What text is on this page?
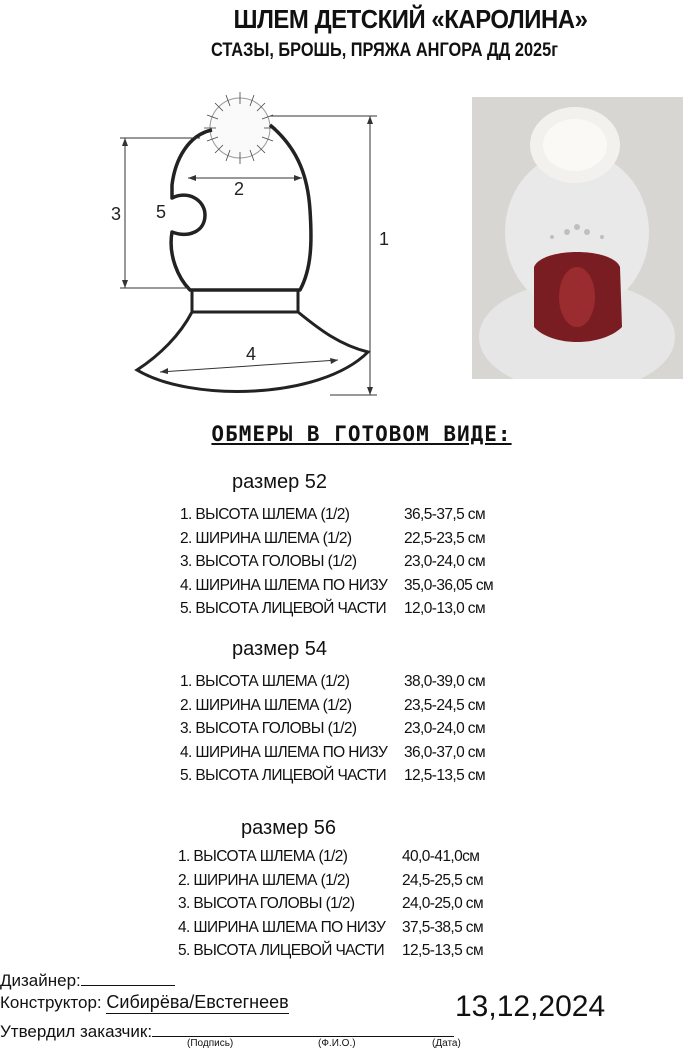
ШЛЕМ ДЕТСКИЙ «КАРОЛИНА»
СТАЗЫ, БРОШЬ, ПРЯЖА АНГОРА ДД 2025г
1
2
3
4
5
ОБМЕРЫ В ГОТОВОМ ВИДЕ:
размер 52
1. ВЫСОТА ШЛЕМА (1/2)	36,5-37,5 см
2. ШИРИНА ШЛЕМА (1/2)	22,5-23,5 см
3. ВЫСОТА ГОЛОВЫ (1/2)	23,0-24,0 см
4. ШИРИНА ШЛЕМА ПО НИЗУ	35,0-36,05 см
5. ВЫСОТА ЛИЦЕВОЙ ЧАСТИ	12,0-13,0 см
размер 54
1. ВЫСОТА ШЛЕМА (1/2)	38,0-39,0 см
2. ШИРИНА ШЛЕМА (1/2)	23,5-24,5 см
3. ВЫСОТА ГОЛОВЫ (1/2)	23,0-24,0 см
4. ШИРИНА ШЛЕМА ПО НИЗУ	36,0-37,0 см
5. ВЫСОТА ЛИЦЕВОЙ ЧАСТИ	12,5-13,5 см
размер 56
1. ВЫСОТА ШЛЕМА (1/2)	40,0-41,0см
2. ШИРИНА ШЛЕМА (1/2)	24,5-25,5 см
3. ВЫСОТА ГОЛОВЫ (1/2)	24,0-25,0 см
4. ШИРИНА ШЛЕМА ПО НИЗУ	37,5-38,5 см
5. ВЫСОТА ЛИЦЕВОЙ ЧАСТИ	12,5-13,5 см
Дизайнер:
Конструктор: Сибирёва/Евстегнеев
Утвердил заказчик:
(Подпись)	(Ф.И.О.)	(Дата)
13,12,2024
